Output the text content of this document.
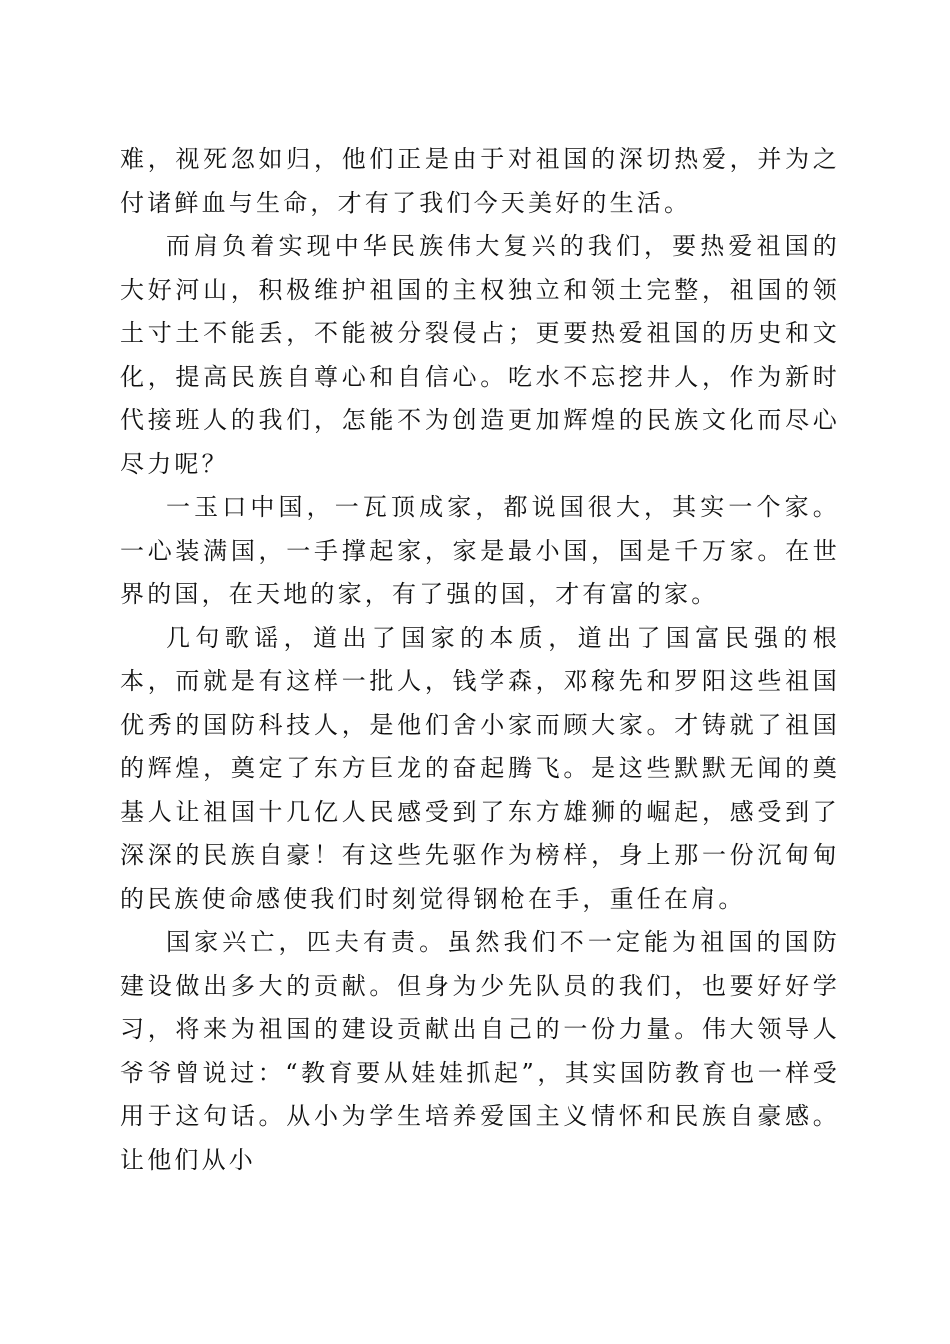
难，视死忽如归，他们正是由于对祖国的深切热爱，并为之付诸鲜血与生命，才有了我们今天美好的生活。

而肩负着实现中华民族伟大复兴的我们，要热爱祖国的大好河山，积极维护祖国的主权独立和领土完整，祖国的领土寸土不能丢，不能被分裂侵占；更要热爱祖国的历史和文化，提高民族自尊心和自信心。吃水不忘挖井人，作为新时代接班人的我们，怎能不为创造更加辉煌的民族文化而尽心尽力呢？

一玉口中国，一瓦顶成家，都说国很大，其实一个家。一心装满国，一手撑起家，家是最小国，国是千万家。在世界的国，在天地的家，有了强的国，才有富的家。

几句歌谣，道出了国家的本质，道出了国富民强的根本，而就是有这样一批人，钱学森，邓稼先和罗阳这些祖国优秀的国防科技人，是他们舍小家而顾大家。才铸就了祖国的辉煌，奠定了东方巨龙的奋起腾飞。是这些默默无闻的奠基人让祖国十几亿人民感受到了东方雄狮的崛起，感受到了深深的民族自豪！有这些先驱作为榜样，身上那一份沉甸甸的民族使命感使我们时刻觉得钢枪在手，重任在肩。

国家兴亡，匹夫有责。虽然我们不一定能为祖国的国防建设做出多大的贡献。但身为少先队员的我们，也要好好学习，将来为祖国的建设贡献出自己的一份力量。伟大领导人爷爷曾说过：“教育要从娃娃抓起”，其实国防教育也一样受用于这句话。从小为学生培养爱国主义情怀和民族自豪感。让他们从小
